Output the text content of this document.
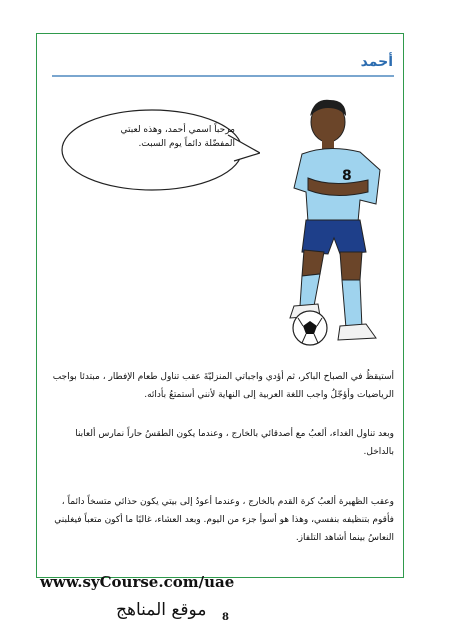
أحمد
مرحباً اسمي أحمد، وهذه لعبتي المفضّلة دائماً يوم السبت.
8
أستيقظُ في الصباح الباكر، ثم أؤدي واجباتي المنزليّةَ عقب تناول طعام الإفطار ، مبتدئا بواجب الرياضيات وأؤجّلُ واجب اللغة العربية إلى النهاية لأنني أستمتعُ بأدائه.
وبعد تناول الغداء، ألعبُ مع أصدقائي بالخارج ، وعندما يكون الطقسُ حاراً نمارس ألعابنا بالداخل.
وعقب الظهيرة ألعبُ كرة القدم بالخارج ، وعندما أعودُ إلى بيتي يكون حذائي متسخاً دائماً ، فأقوم بتنظيفه بنفسي، وهذا هو أسوأ جزء من اليوم. وبعد العشاء، غالبًا ما أكون متعباً فيغلبني النعاسُ بينما أشاهد التلفاز.
www.syCourse.com/uae
موقع المناهج 8
